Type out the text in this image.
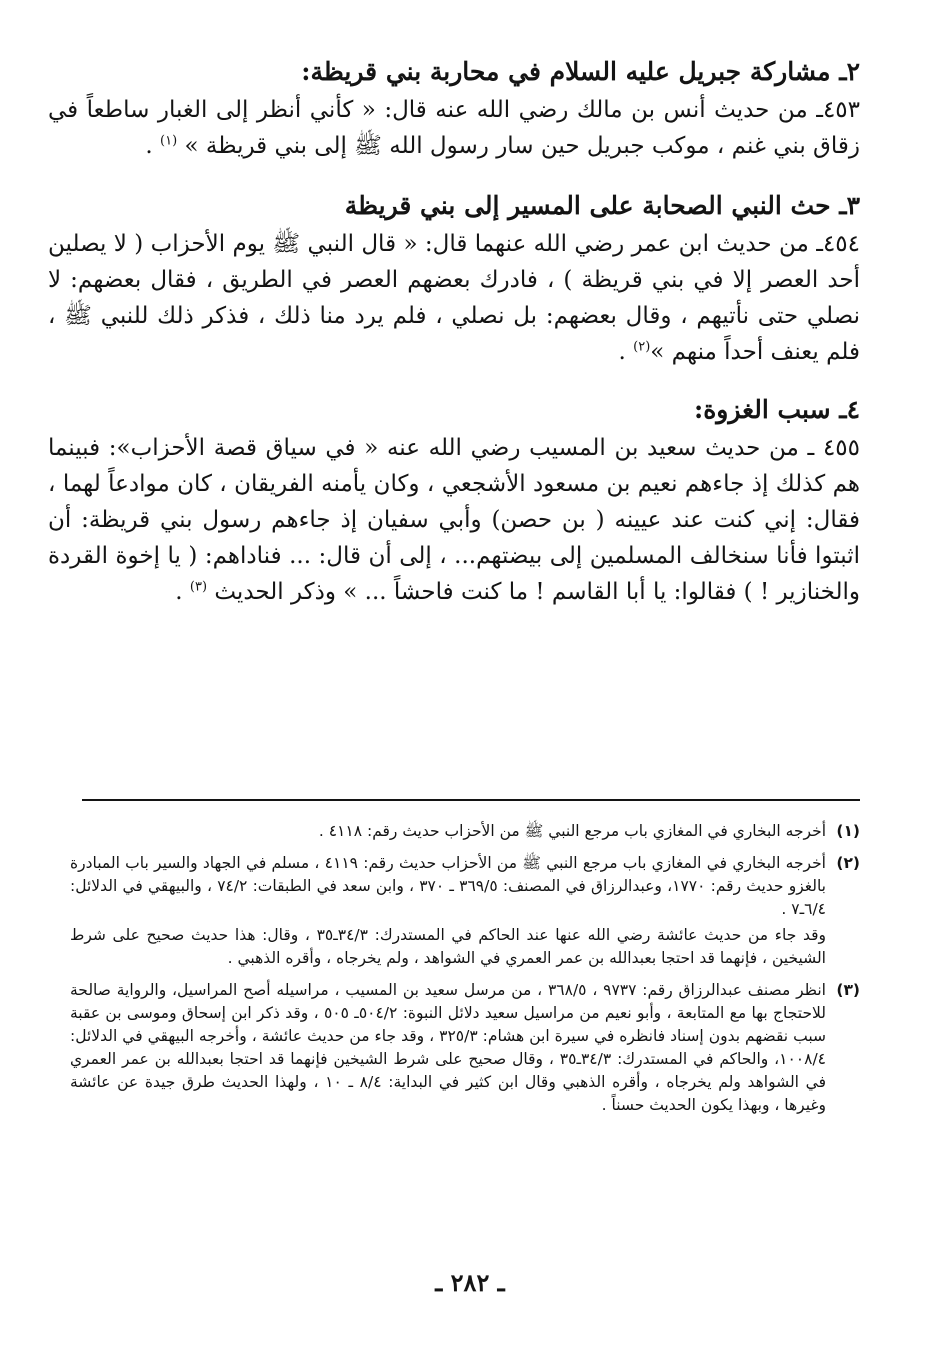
٢ـ مشاركة جبريل عليه السلام في محاربة بني قريظة:

٤٥٣ـ من حديث أنس بن مالك رضي الله عنه قال: « كأني أنظر إلى الغبار ساطعاً في زقاق بني غنم ، موكب جبريل حين سار رسول الله ﷺ إلى بني قريظة » $^{(١)}$ .

٣ـ حث النبي الصحابة على المسير إلى بني قريظة

٤٥٤ـ من حديث ابن عمر رضي الله عنهما قال: « قال النبي ﷺ يوم الأحزاب ( لا يصلين أحد العصر إلا في بني قريظة ) ، فادرك بعضهم العصر في الطريق ، فقال بعضهم: لا نصلي حتى نأتيهم ، وقال بعضهم: بل نصلي ، فلم يرد منا ذلك ، فذكر ذلك للنبي ﷺ ، فلم يعنف أحداً منهم »$^{(٢)}$ .

٤ـ سبب الغزوة:

٤٥٥ ـ من حديث سعيد بن المسيب رضي الله عنه « في سياق قصة الأحزاب»: فبينما هم كذلك إذ جاءهم نعيم بن مسعود الأشجعي ، وكان يأمنه الفريقان ، كان موادعاً لهما ، فقال: إني كنت عند عيينه ( بن حصن) وأبي سفيان إذ جاءهم رسول بني قريظة: أن اثبتوا فأنا سنخالف المسلمين إلى بيضتهم... ، إلى أن قال: ... فناداهم: ( يا إخوة القردة والخنازير ! ) فقالوا: يا أبا القاسم ! ما كنت فاحشاً ... » وذكر الحديث $^{(٣)}$ .

(١)

أخرجه البخاري في المغازي باب مرجع النبي ﷺ من الأحزاب حديث رقم: ٤١١٨ .

(٢)

أخرجه البخاري في المغازي باب مرجع النبي ﷺ من الأحزاب حديث رقم: ٤١١٩ ، مسلم في الجهاد والسير باب المبادرة بالغزو حديث رقم: ١٧٧٠، وعبدالرزاق في المصنف: ٣٦٩/٥ ـ ٣٧٠ ، وابن سعد في الطبقات: ٧٤/٢ ، والبيهقي في الدلائل: ٦/٤ـ٧ .

وقد جاء من حديث عائشة رضي الله عنها عند الحاكم في المستدرك: ٣٤/٣ـ٣٥ ، وقال: هذا حديث صحيح على شرط الشيخين ، فإنهما قد احتجا بعبدالله بن عمر العمري في الشواهد ، ولم يخرجاه ، وأقره الذهبي .

(٣)

انظر مصنف عبدالرزاق رقم: ٩٧٣٧ ، ٣٦٨/٥ ، من مرسل سعيد بن المسيب ، مراسيله أصح المراسيل، والرواية صالحة للاحتجاج بها مع المتابعة ، وأبو نعيم من مراسيل سعيد دلائل النبوة: ٥٠٤/٢ـ ٥٠٥ ، وقد ذكر ابن إسحاق وموسى بن عقبة سبب نقضهم بدون إسناد فانظره في سيرة ابن هشام: ٣٢٥/٣ ، وقد جاء من حديث عائشة ، وأخرجه البيهقي في الدلائل: ١٠٠٨/٤، والحاكم في المستدرك: ٣٤/٣ـ٣٥ ، وقال صحيح على شرط الشيخين فإنهما قد احتجا بعبدالله بن عمر العمري في الشواهد ولم يخرجاه ، وأقره الذهبي وقال ابن كثير في البداية: ٨/٤ ـ ١٠ ، ولهذا الحديث طرق جيدة عن عائشة وغيرها ، وبهذا يكون الحديث حسناً .

ـ ٢٨٢ ـ
